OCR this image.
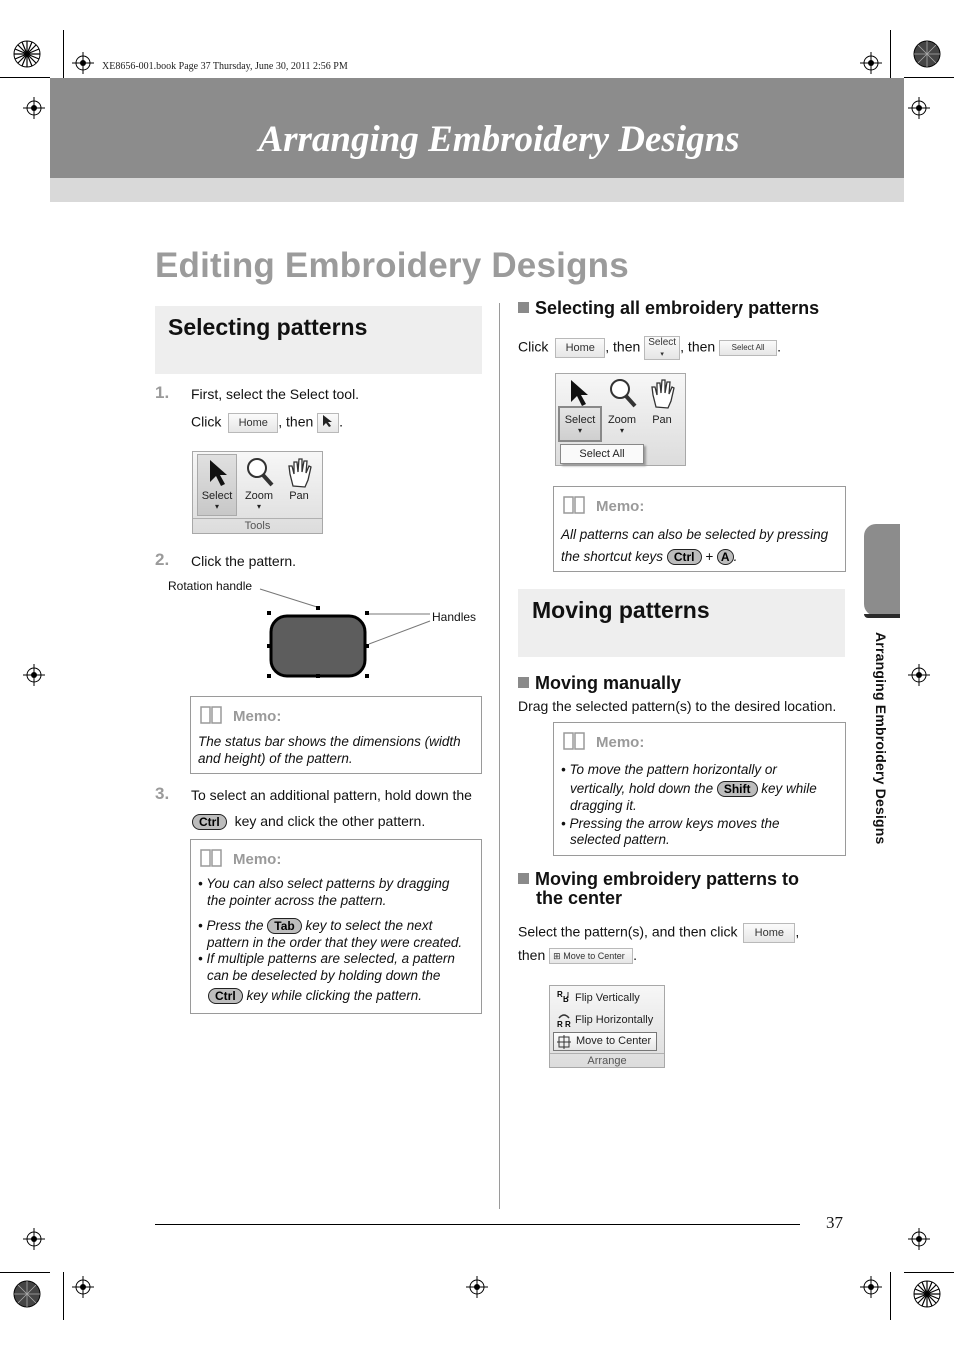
XE8656-001.book Page 37 Thursday, June 30, 2011 2:56 PM
Arranging Embroidery Designs
Editing Embroidery Designs
Selecting patterns
1. First, select the Select tool.
Click Home , then .
Select
▾
Zoom
▾
Pan
Tools
2. Click the pattern.
Rotation handle
Handles
Memo:
The status bar shows the dimensions (width
and height) of the pattern.
3. To select an additional pattern, hold down the
Ctrl key and click the other pattern.
Memo:
• You can also select patterns by dragging
the pointer across the pattern.
• Press the Tab key to select the next
pattern in the order that they were created.
• If multiple patterns are selected, a pattern
can be deselected by holding down the
Ctrl key while clicking the pattern.
Selecting all embroidery patterns
Click Home , then Select
▾ , then Select All .
Select
▾
Zoom
▾
Pan
Select All
Memo:
All patterns can also be selected by pressing
the shortcut keys Ctrl + A .
Moving patterns
Moving manually
Drag the selected pattern(s) to the desired location.
Memo:
• To move the pattern horizontally or
vertically, hold down the Shift key while
dragging it.
• Pressing the arrow keys moves the
selected pattern.
Moving embroidery patterns to
the center
Select the pattern(s), and then click Home ,
then ⊞ Move to Center .
R R Flip Vertically
R R Flip Horizontally
Move to Center
Arrange
Arranging Embroidery Designs
37
